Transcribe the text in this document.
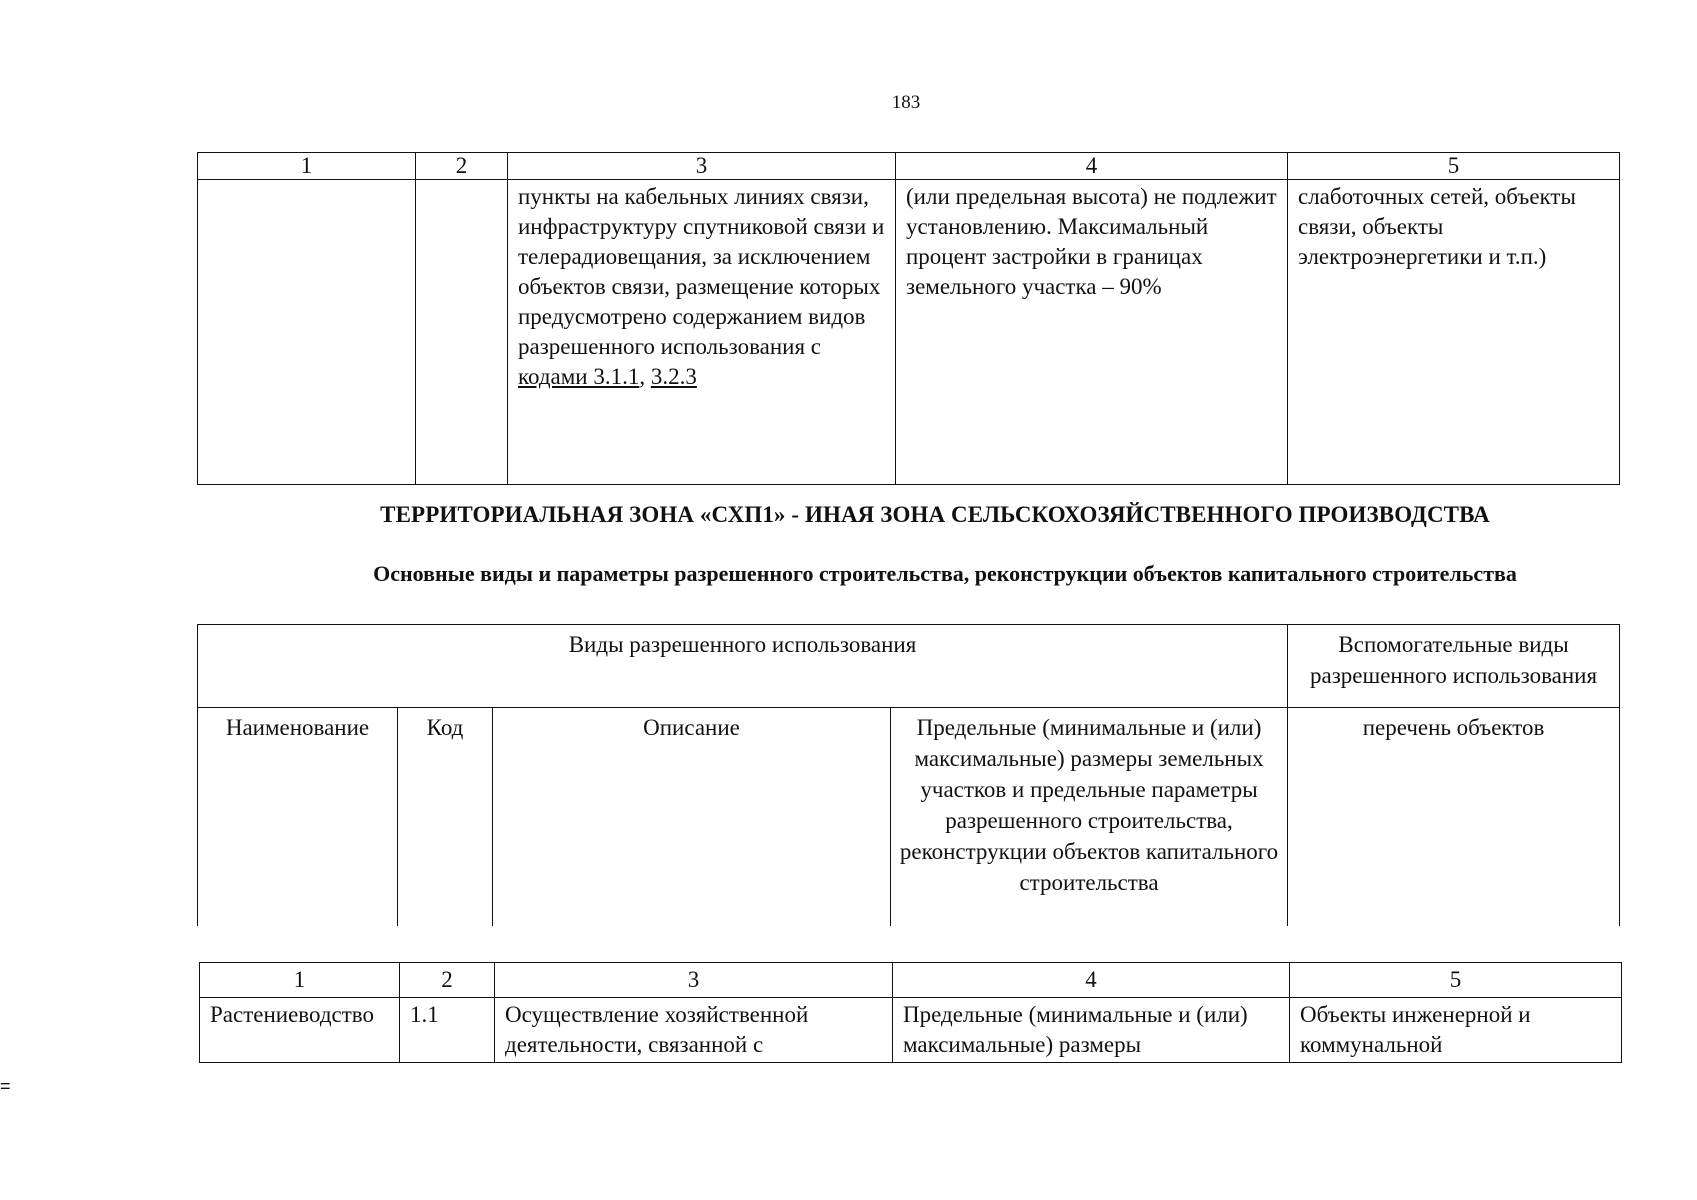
183
1	2	3	4	5
		пункты на кабельных линиях связи, инфраструктуру спутниковой связи и телерадиовещания, за исключением объектов связи, размещение которых предусмотрено содержанием видов разрешенного использования с кодами 3.1.1, 3.2.3	(или предельная высота) не подлежит установлению. Максимальный процент застройки в границах земельного участка – 90%	слаботочных сетей, объекты связи, объекты электроэнергетики и т.п.)
ТЕРРИТОРИАЛЬНАЯ ЗОНА «СХП1» - ИНАЯ ЗОНА СЕЛЬСКОХОЗЯЙСТВЕННОГО ПРОИЗВОДСТВА
Основные виды и параметры разрешенного строительства, реконструкции объектов капитального строительства
Виды разрешенного использования				Вспомогательные виды разрешенного использования
Наименование	Код	Описание	Предельные (минимальные и (или) максимальные) размеры земельных участков и предельные параметры разрешенного строительства, реконструкции объектов капитального строительства	перечень объектов
1	2	3	4	5
Растениеводство	1.1	Осуществление хозяйственной деятельности, связанной с	Предельные (минимальные и (или) максимальные) размеры	Объекты инженерной и коммунальной
=
